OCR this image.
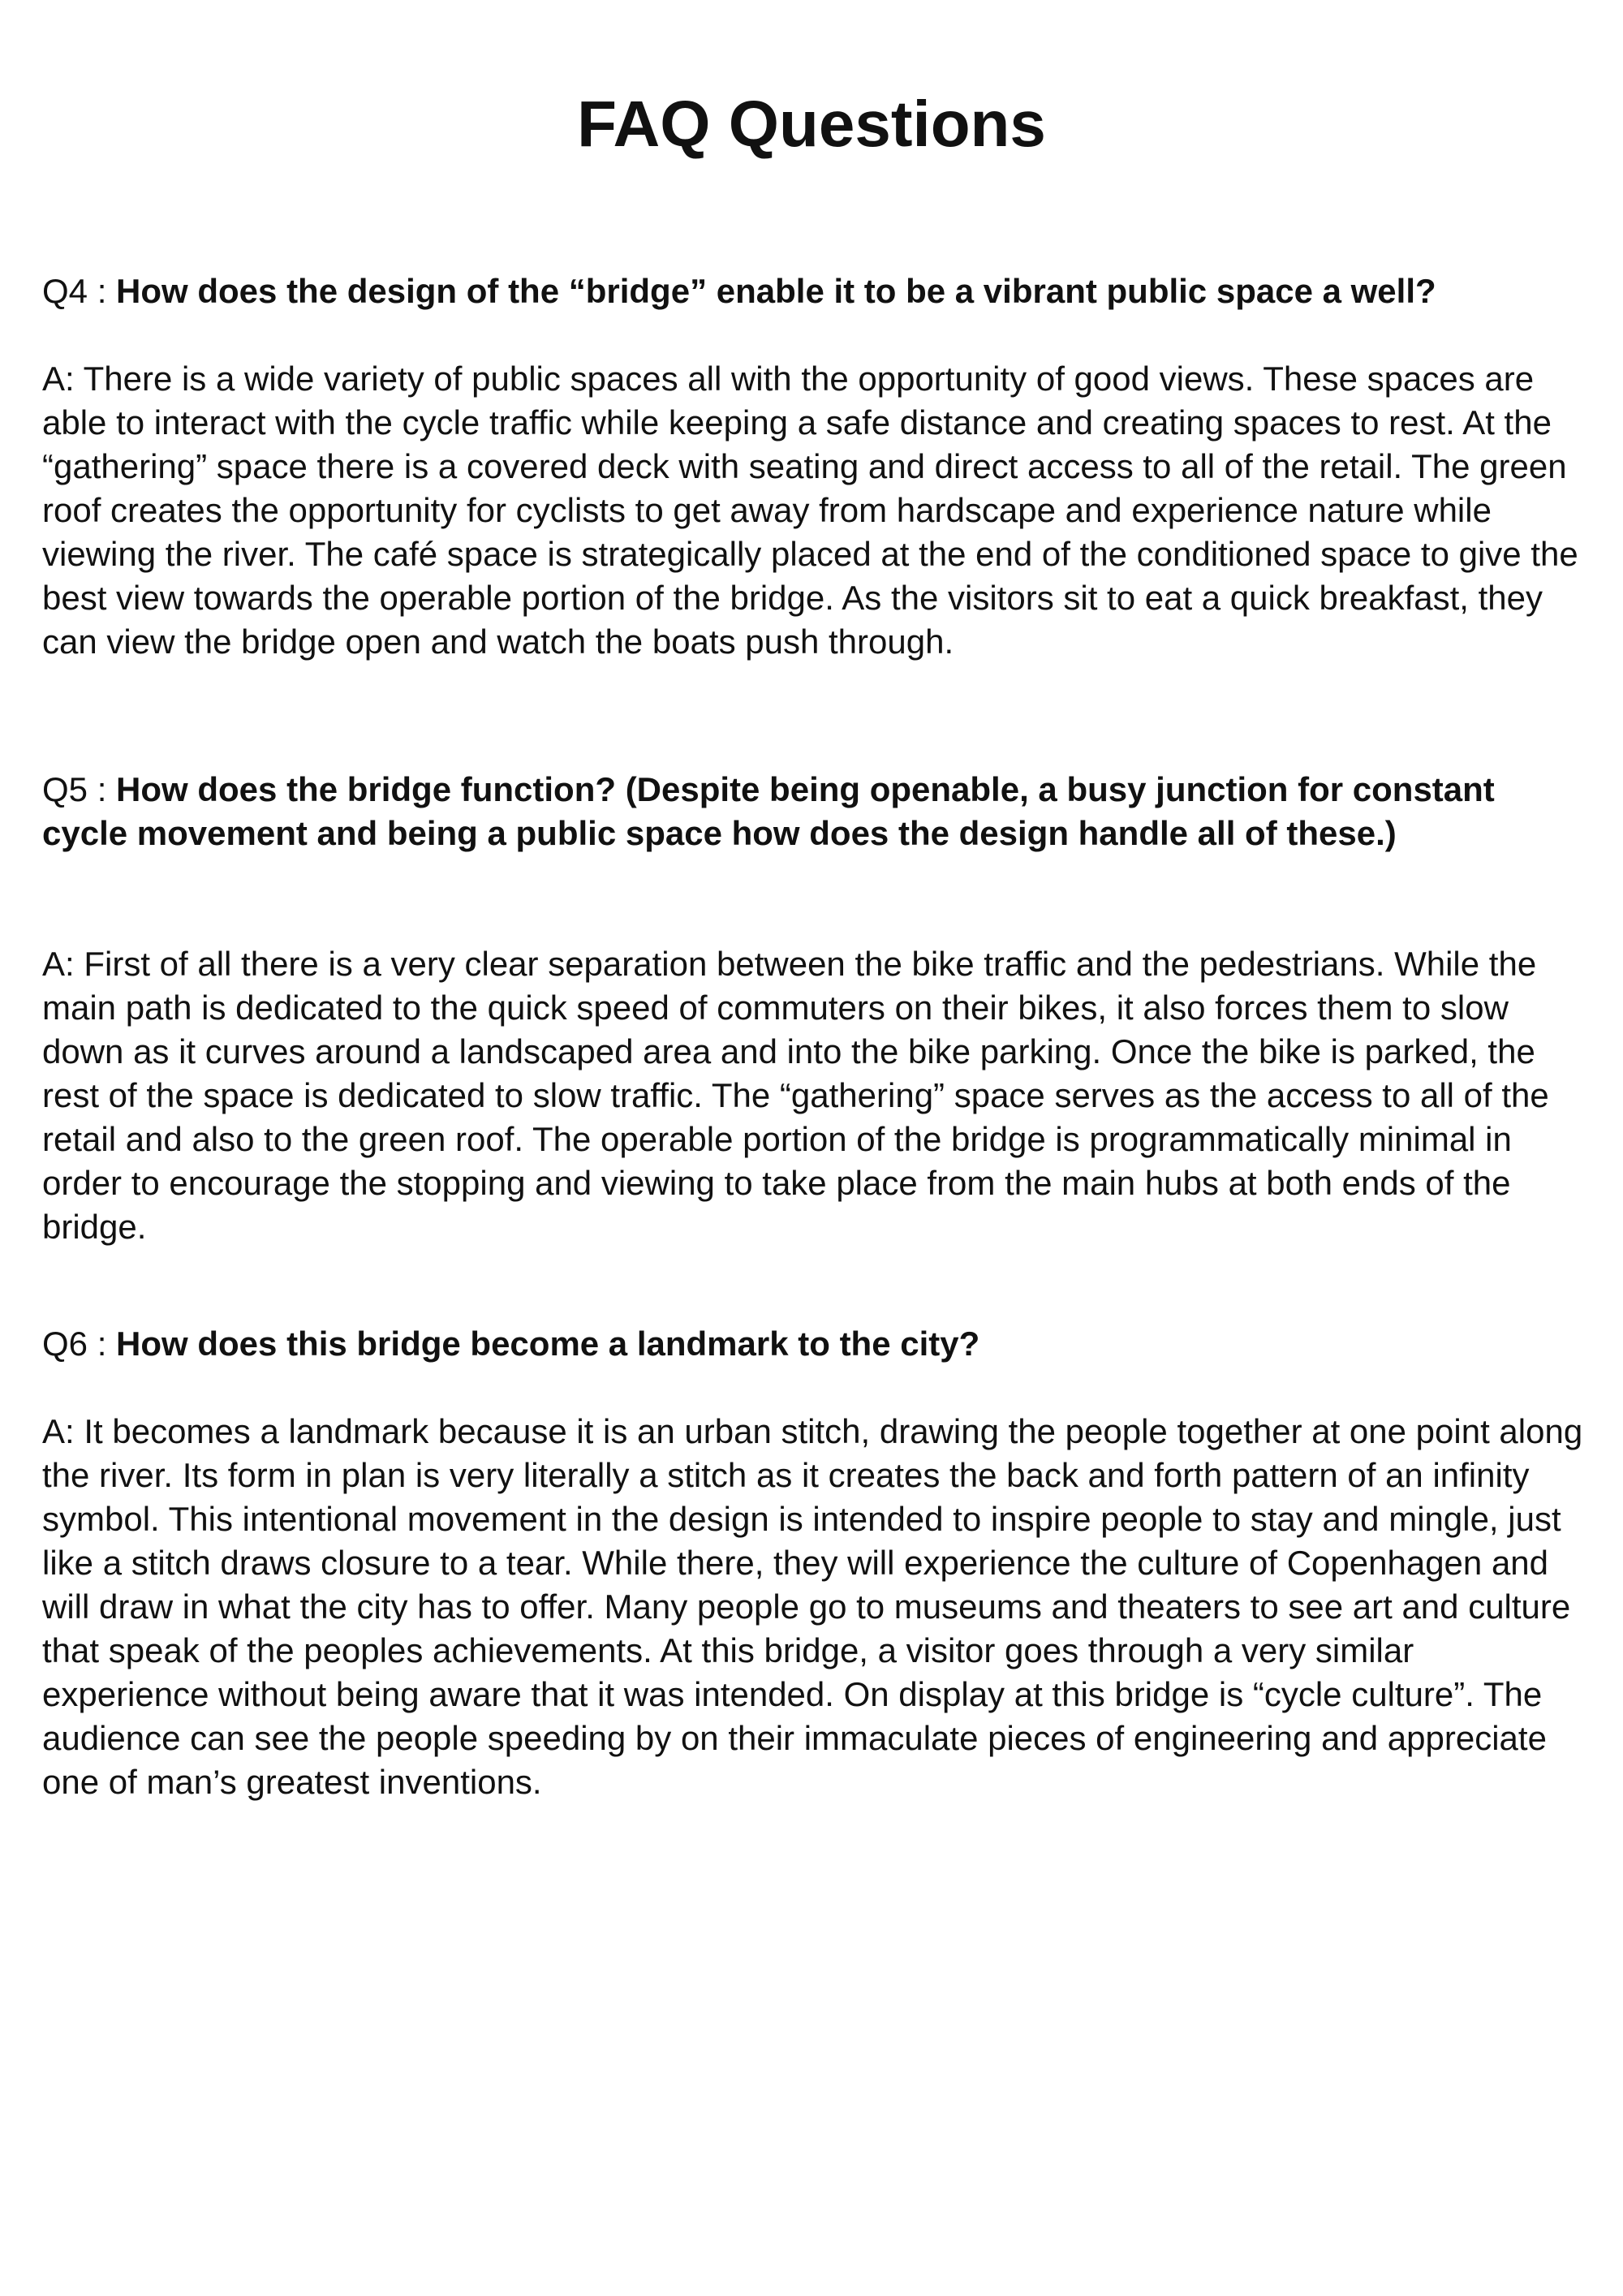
FAQ Questions

Q4 : How does the design of the “bridge” enable it to be a vibrant public space a well?

A: There is a wide variety of public spaces all with the opportunity of good views. These spaces are able to interact with the cycle traffic while keeping a safe distance and creating spaces to rest. At the “gathering” space there is a covered deck with seating and direct access to all of the retail. The green roof creates the opportunity for cyclists to get away from hardscape and experience nature while viewing the river. The café space is strategically placed at the end of the conditioned space to give the best view towards the operable portion of the bridge. As the visitors sit to eat a quick breakfast, they can view the bridge open and watch the boats push through.

Q5 : How does the bridge function? (Despite being openable, a busy junction for constant cycle movement and being a public space how does the design handle all of these.)

A: First of all there is a very clear separation between the bike traffic and the pedestrians. While the main path is dedicated to the quick speed of commuters on their bikes, it also forces them to slow down as it curves around a landscaped area and into the bike parking. Once the bike is parked, the rest of the space is dedicated to slow traffic. The “gathering” space serves as the access to all of the retail and also to the green roof. The operable portion of the bridge is programmatically minimal in order to encourage the stopping and viewing to take place from the main hubs at both ends of the bridge.

Q6 : How does this bridge become a landmark to the city?

A: It becomes a landmark because it is an urban stitch, drawing the people together at one point along the river. Its form in plan is very literally a stitch as it creates the back and forth pattern of an infinity symbol. This intentional movement in the design is intended to inspire people to stay and mingle, just like a stitch draws closure to a tear. While there, they will experience the culture of Copenhagen and will draw in what the city has to offer. Many people go to museums and theaters to see art and culture that speak of the peoples achievements. At this bridge, a visitor goes through a very similar experience without being aware that it was intended. On display at this bridge is “cycle culture”. The audience can see the people speeding by on their immaculate pieces of engineering and appreciate one of man’s greatest inventions.
